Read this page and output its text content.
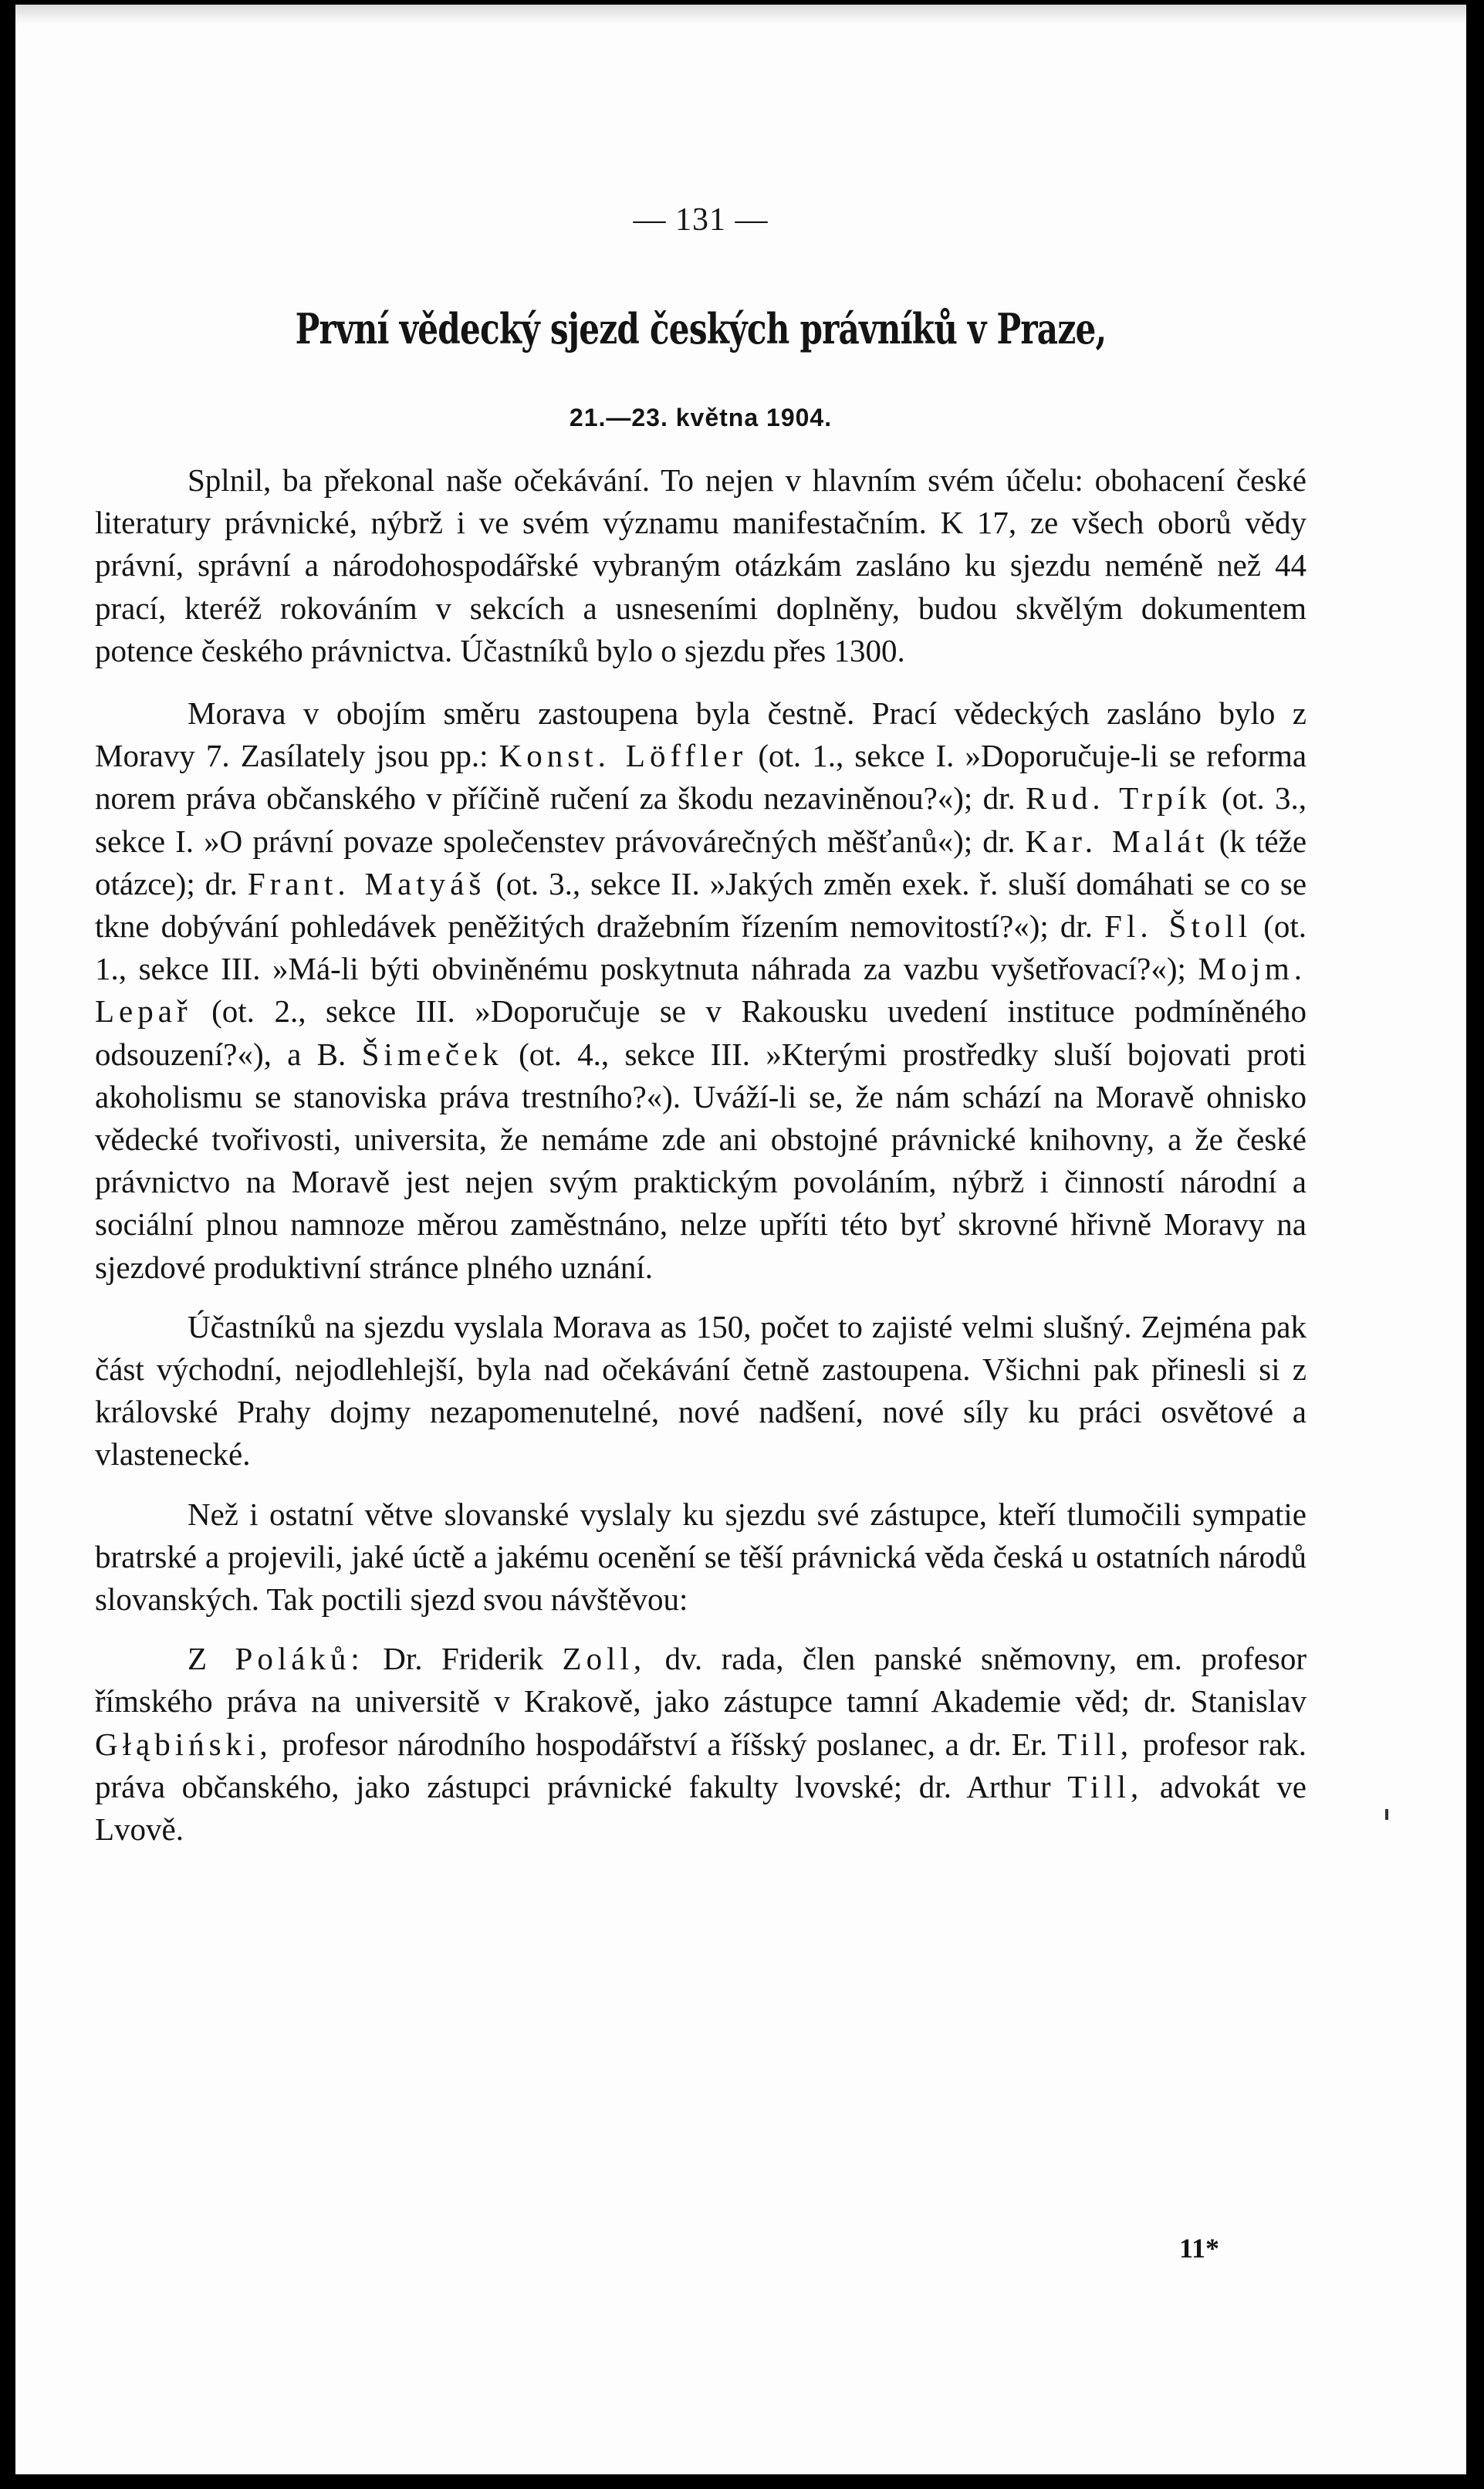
— 131 —
První vědecký sjezd českých právníků v Praze,
21.—23. května 1904.

Splnil, ba překonal naše očekávání. To nejen v hlavním svém účelu: obohacení české literatury právnické, nýbrž i ve svém významu manifestačním. K 17, ze všech oborů vědy právní, správní a národohospodářské vybraným otázkám zasláno ku sjezdu neméně než 44 prací, kteréž rokováním v sekcích a usneseními doplněny, budou skvělým dokumentem potence českého právnictva. Účastníků bylo o sjezdu přes 1300.

Morava v obojím směru zastoupena byla čestně. Prací vědeckých zasláno bylo z Moravy 7. Zasílately jsou pp.: Konst. Löffler (ot. 1., sekce I. »Doporučuje-li se reforma norem práva občanského v příčině ručení za škodu nezaviněnou?«); dr. Rud. Trpík (ot. 3., sekce I. »O právní povaze společenstev právovárečných měšťanů«); dr. Kar. Malát (k téže otázce); dr. Frant. Matyáš (ot. 3., sekce II. »Jakých změn exek. ř. sluší domáhati se co se tkne dobývání pohledávek peněžitých dražebním řízením nemovitostí?«); dr. Fl. Štoll (ot. 1., sekce III. »Má-li býti obviněnému poskytnuta náhrada za vazbu vyšetřovací?«); Mojm. Lepař (ot. 2., sekce III. »Doporučuje se v Rakousku uvedení instituce podmíněného odsouzení?«), a B. Šimeček (ot. 4., sekce III. »Kterými prostředky sluší bojovati proti akoholismu se stanoviska práva trestního?«). Uváží-li se, že nám schází na Moravě ohnisko vědecké tvořivosti, universita, že nemáme zde ani obstojné právnické knihovny, a že české právnictvo na Moravě jest nejen svým praktickým povoláním, nýbrž i činností národní a sociální plnou namnoze měrou zaměstnáno, nelze upříti této byť skrovné hřivně Moravy na sjezdové produktivní stránce plného uznání.

Účastníků na sjezdu vyslala Morava as 150, počet to zajisté velmi slušný. Zejména pak část východní, nejodlehlejší, byla nad očekávání četně zastoupena. Všichni pak přinesli si z královské Prahy dojmy nezapomenutelné, nové nadšení, nové síly ku práci osvětové a vlastenecké.

Než i ostatní větve slovanské vyslaly ku sjezdu své zástupce, kteří tlumočili sympatie bratrské a projevili, jaké úctě a jakému ocenění se těší právnická věda česká u ostatních národů slovanských. Tak poctili sjezd svou návštěvou:

Z Poláků: Dr. Friderik Zoll, dv. rada, člen panské sněmovny, em. profesor římského práva na universitě v Krakově, jako zástupce tamní Akademie věd; dr. Stanislav Głąbiński, profesor národního hospodářství a říšský poslanec, a dr. Er. Till, profesor rak. práva občanského, jako zástupci právnické fakulty lvovské; dr. Arthur Till, advokát ve Lvově.

11*
